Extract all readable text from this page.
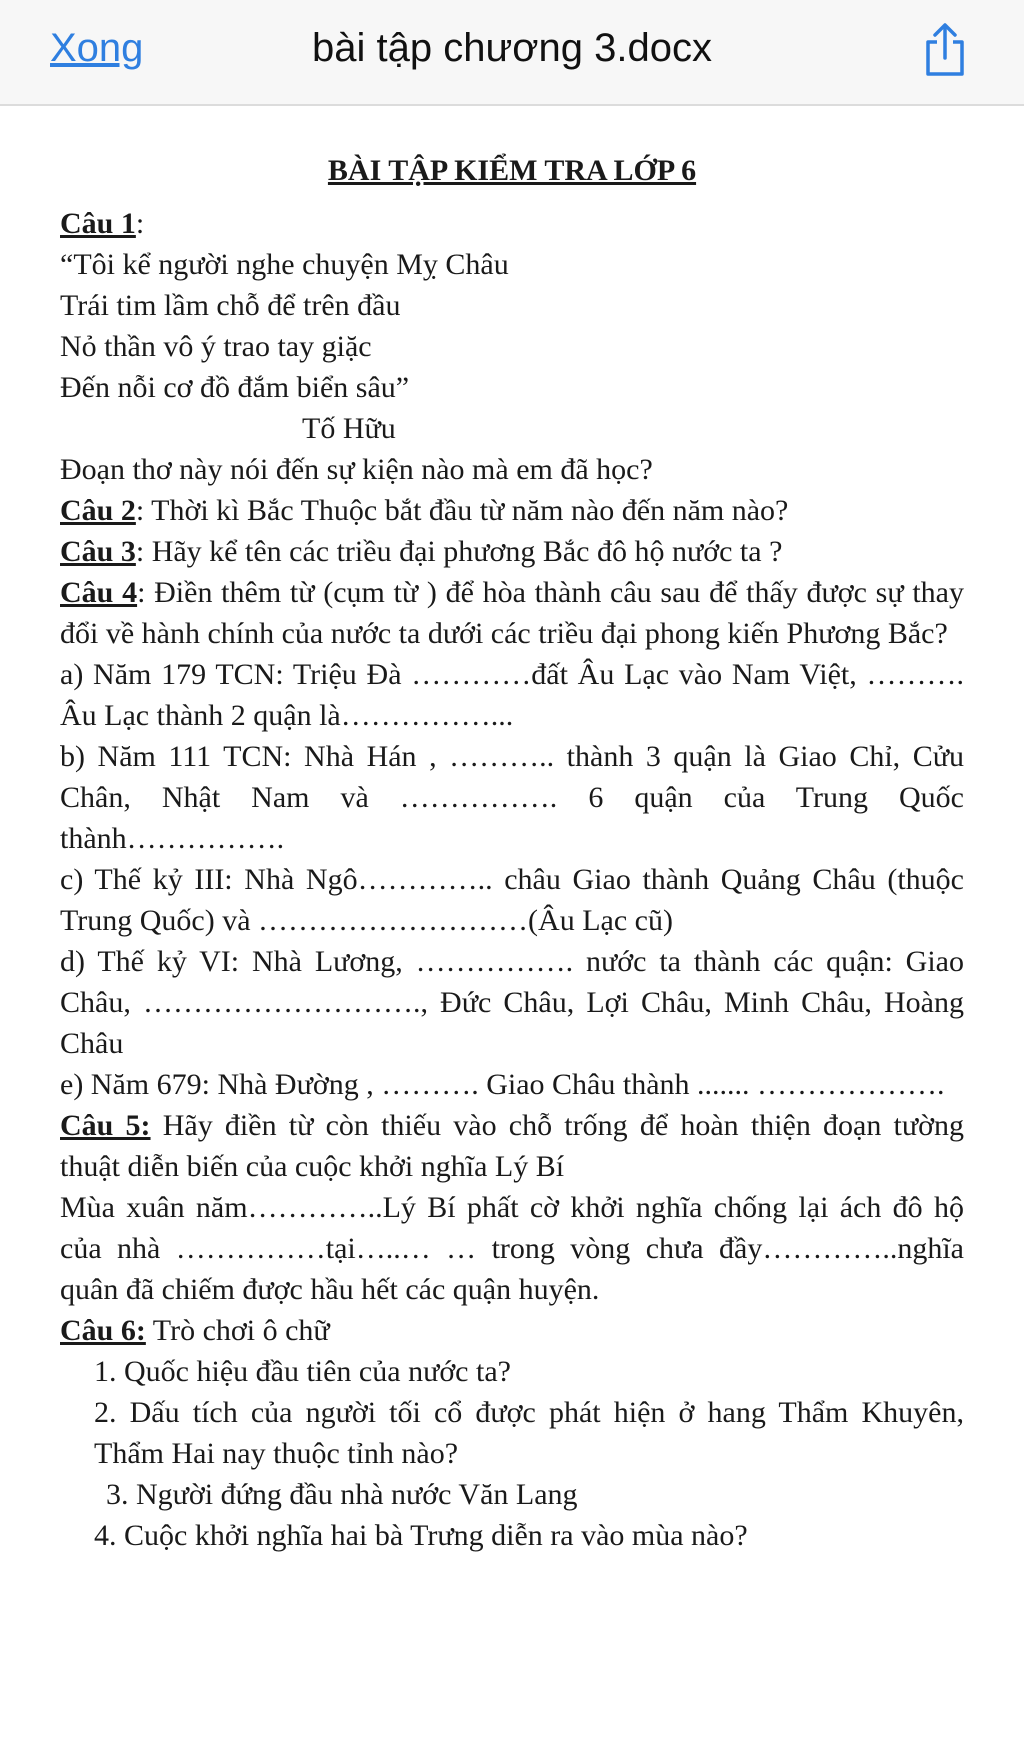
Xong	bài tập chương 3.docx

BÀI TẬP KIỂM TRA LỚP 6

Câu 1:

“Tôi kể người nghe chuyện Mỵ Châu

Trái tim lầm chỗ để trên đầu

Nỏ thần vô ý trao tay giặc

Đến nỗi cơ đồ đắm biển sâu”

Tố Hữu

Đoạn thơ này nói đến sự kiện nào mà em đã học?

Câu 2: Thời kì Bắc Thuộc bắt đầu từ năm nào đến năm nào?

Câu 3: Hãy kể tên các triều đại phương Bắc đô hộ nước ta ?

Câu 4: Điền thêm từ (cụm từ ) để hòa thành câu sau để thấy được sự thay đổi về hành chính của nước ta dưới các triều đại phong kiến Phương Bắc?

a) Năm 179 TCN: Triệu Đà …………đất Âu Lạc vào Nam Việt, ………. Âu Lạc thành 2 quận là……………...

b) Năm 111 TCN: Nhà Hán , ……….. thành 3 quận là Giao Chỉ, Cửu Chân, Nhật Nam và ……………. 6 quận của Trung Quốc thành…………….

c) Thế kỷ III: Nhà Ngô………….. châu Giao thành Quảng Châu (thuộc Trung Quốc) và ………………………(Âu Lạc cũ)

d) Thế kỷ VI: Nhà Lương, ……………. nước ta thành các quận: Giao Châu, ………………………., Đức Châu, Lợi Châu, Minh Châu, Hoàng Châu

e) Năm 679: Nhà Đường , ………. Giao Châu thành ....... ……………….

Câu 5: Hãy điền từ còn thiếu vào chỗ trống để hoàn thiện đoạn tường thuật diễn biến của cuộc khởi nghĩa Lý Bí

Mùa xuân năm…………..Lý Bí phất cờ khởi nghĩa chống lại ách đô hộ của nhà ……………tại…..… … trong vòng chưa đầy…………..nghĩa quân đã chiếm được hầu hết các quận huyện.

Câu 6: Trò chơi ô chữ

1. Quốc hiệu đầu tiên của nước ta?

2. Dấu tích của người tối cổ được phát hiện ở hang Thẩm Khuyên, Thẩm Hai nay thuộc tỉnh nào?

3. Người đứng đầu nhà nước Văn Lang

4. Cuộc khởi nghĩa hai bà Trưng diễn ra vào mùa nào?
